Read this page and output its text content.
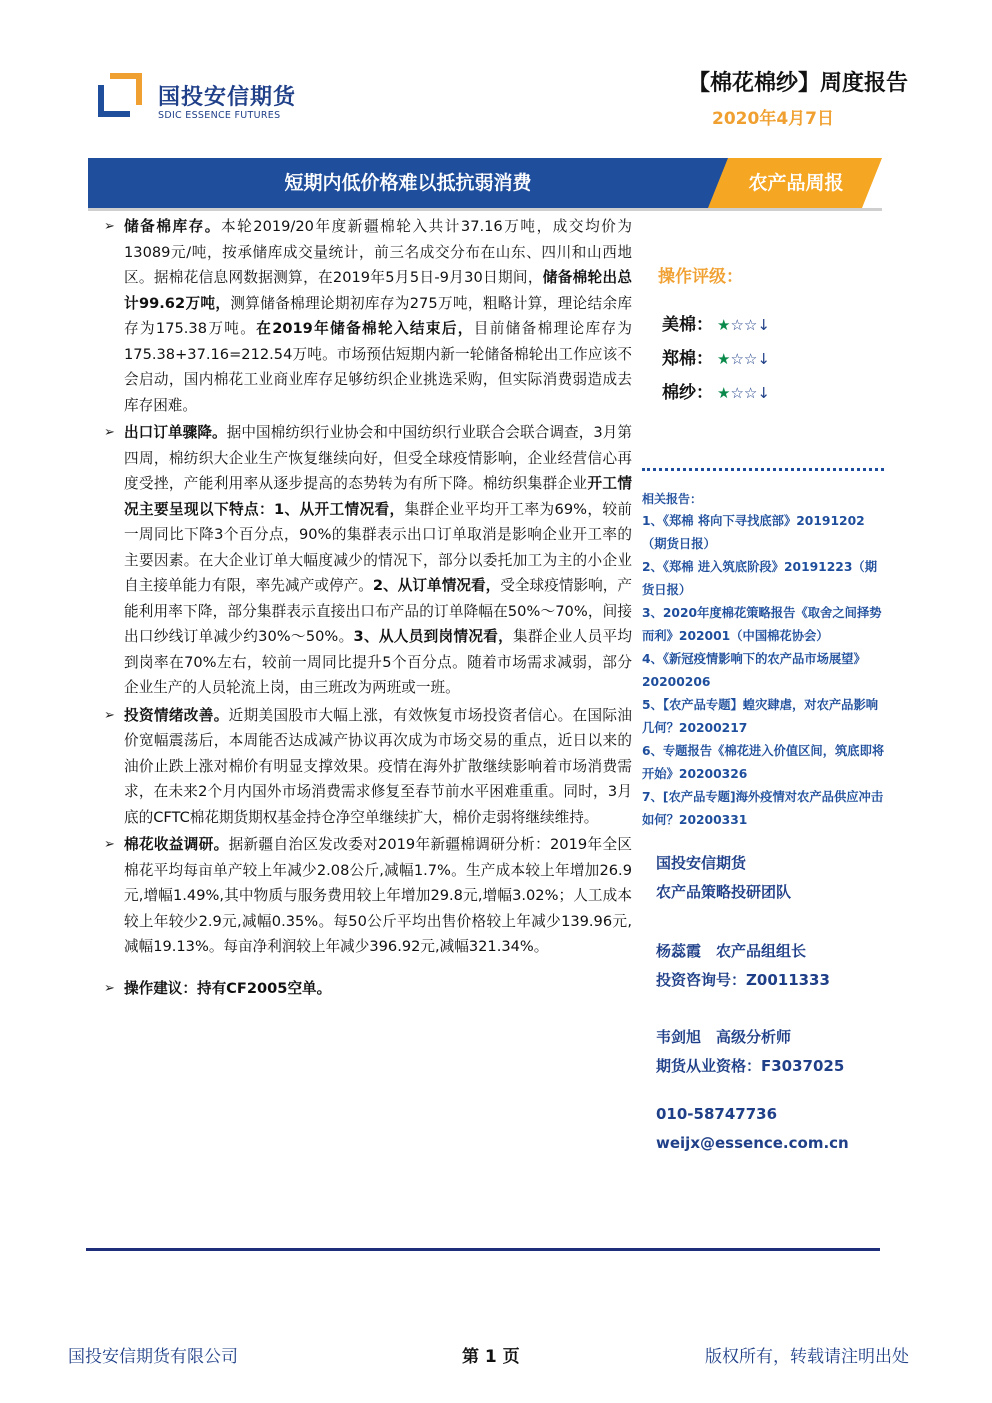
国投安信期货
SDIC ESSENCE FUTURES
【棉花棉纱】周度报告
2020年4月7日
短期内低价格难以抵抗弱消费	农产品周报
➢ 储备棉库存。本轮2019/20年度新疆棉轮入共计37.16万吨，成交均价为13089元/吨，按承储库成交量统计，前三名成交分布在山东、四川和山西地区。据棉花信息网数据测算，在2019年5月5日-9月30日期间，储备棉轮出总计99.62万吨，测算储备棉理论期初库存为275万吨，粗略计算，理论结余库存为175.38万吨。在2019年储备棉轮入结束后，目前储备棉理论库存为175.38+37.16=212.54万吨。市场预估短期内新一轮储备棉轮出工作应该不会启动，国内棉花工业商业库存足够纺织企业挑选采购，但实际消费弱造成去库存困难。
➢ 出口订单骤降。据中国棉纺织行业协会和中国纺织行业联合会联合调查，3月第四周，棉纺织大企业生产恢复继续向好，但受全球疫情影响，企业经营信心再度受挫，产能利用率从逐步提高的态势转为有所下降。棉纺织集群企业开工情况主要呈现以下特点：1、从开工情况看，集群企业平均开工率为69%，较前一周同比下降3个百分点，90%的集群表示出口订单取消是影响企业开工率的主要因素。在大企业订单大幅度减少的情况下，部分以委托加工为主的小企业自主接单能力有限，率先减产或停产。2、从订单情况看，受全球疫情影响，产能利用率下降，部分集群表示直接出口布产品的订单降幅在50%～70%，间接出口纱线订单减少约30%～50%。3、从人员到岗情况看，集群企业人员平均到岗率在70%左右，较前一周同比提升5个百分点。随着市场需求减弱，部分企业生产的人员轮流上岗，由三班改为两班或一班。
➢ 投资情绪改善。近期美国股市大幅上涨，有效恢复市场投资者信心。在国际油价宽幅震荡后，本周能否达成减产协议再次成为市场交易的重点，近日以来的油价止跌上涨对棉价有明显支撑效果。疫情在海外扩散继续影响着市场消费需求，在未来2个月内国外市场消费需求修复至春节前水平困难重重。同时，3月底的CFTC棉花期货期权基金持仓净空单继续扩大，棉价走弱将继续维持。
➢ 棉花收益调研。据新疆自治区发改委对2019年新疆棉调研分析：2019年全区棉花平均每亩单产较上年减少2.08公斤,减幅1.7%。生产成本较上年增加26.9元,增幅1.49%,其中物质与服务费用较上年增加29.8元,增幅3.02%；人工成本较上年较少2.9元,减幅0.35%。每50公斤平均出售价格较上年减少139.96元,减幅19.13%。每亩净利润较上年减少396.92元,减幅321.34%。
➢ 操作建议：持有CF2005空单。
操作评级：
美棉： ★☆☆↓
郑棉： ★☆☆↓
棉纱： ★☆☆↓
相关报告：
1、《郑棉 将向下寻找底部》20191202（期货日报）
2、《郑棉 进入筑底阶段》20191223（期货日报）
3、2020年度棉花策略报告《取舍之间择势而利》202001（中国棉花协会）
4、《新冠疫情影响下的农产品市场展望》20200206
5、【农产品专题】蝗灾肆虐，对农产品影响几何？20200217
6、专题报告《棉花进入价值区间，筑底即将开始》20200326
7、[农产品专题]海外疫情对农产品供应冲击如何？20200331
国投安信期货
农产品策略投研团队
杨蕊霞　农产品组组长
投资咨询号：Z0011333
韦剑旭　高级分析师
期货从业资格：F3037025
010-58747736
weijx@essence.com.cn
国投安信期货有限公司	第 1 页	版权所有，转载请注明出处
